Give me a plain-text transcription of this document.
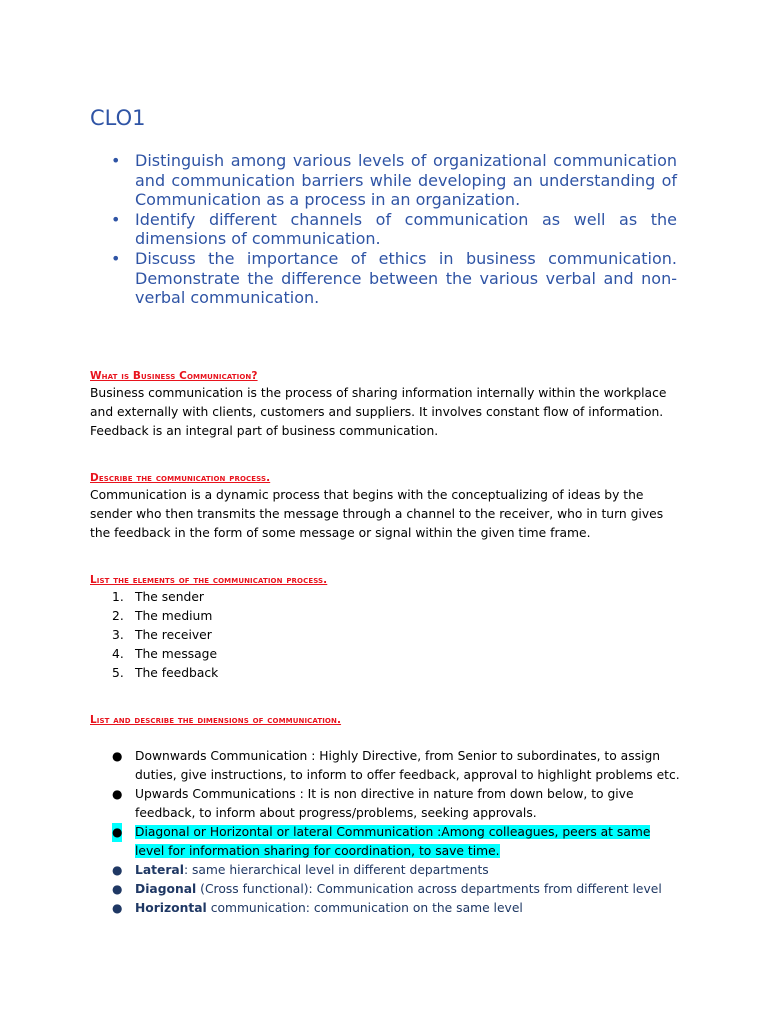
CLO1
• Distinguish among various levels of organizational communication and communication barriers while developing an understanding of Communication as a process in an organization.
• Identify different channels of communication as well as the dimensions of communication.
• Discuss the importance of ethics in business communication. Demonstrate the difference between the various verbal and non-verbal communication.
What is Business Communication?

Business communication is the process of sharing information internally within the workplace and externally with clients, customers and suppliers. It involves constant flow of information. Feedback is an integral part of business communication.

Describe the communication process.

Communication is a dynamic process that begins with the conceptualizing of ideas by the sender who then transmits the message through a channel to the receiver, who in turn gives the feedback in the form of some message or signal within the given time frame.

List the elements of the communication process.
1. The sender
2. The medium
3. The receiver
4. The message
5. The feedback
List and describe the dimensions of communication.
● Downwards Communication : Highly Directive, from Senior to subordinates, to assign duties, give instructions, to inform to offer feedback, approval to highlight problems etc.
● Upwards Communications : It is non directive in nature from down below, to give feedback, to inform about progress/problems, seeking approvals.
● Diagonal or Horizontal or lateral Communication :Among colleagues, peers at same level for information sharing for coordination, to save time.
● Lateral: same hierarchical level in different departments
● Diagonal (Cross functional): Communication across departments from different level
● Horizontal communication: communication on the same level
